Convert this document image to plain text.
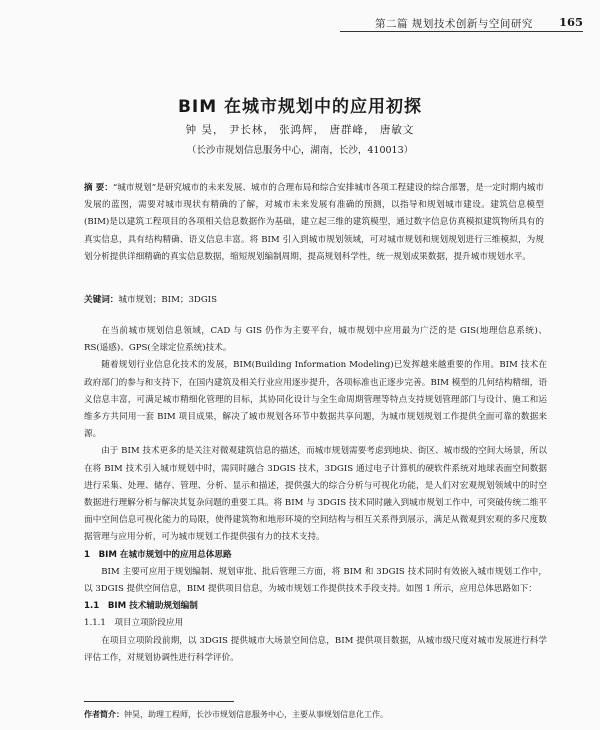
第二篇 规划技术创新与空间研究 165
BIM 在城市规划中的应用初探
钟 昊， 尹长林， 张鸿辉， 唐群峰， 唐敏文
（长沙市规划信息服务中心，湖南，长沙，410013）
摘 要：“城市规划”是研究城市的未来发展、城市的合理布局和综合安排城市各项工程建设的综合部署，是一定时期内城市发展的蓝图，需要对城市现状有精确的了解，对城市未来发展有准确的预测，以指导和规划城市建设。建筑信息模型(BIM)是以建筑工程项目的各项相关信息数据作为基础，建立起三维的建筑模型，通过数字信息仿真模拟建筑物所具有的真实信息，具有结构精确、语义信息丰富。将 BIM 引入到城市规划领域，可对城市规划和规划规划进行三维模拟，为规划分析提供详细精确的真实信息数据，缩短规划编制周期，提高规划科学性，统一规划成果数据，提升城市规划水平。
关键词：城市规划；BIM；3DGIS

在当前城市规划信息领域，CAD 与 GIS 仍作为主要平台，城市规划中应用最为广泛的是 GIS(地理信息系统)、RS(遥感)、GPS(全球定位系统)技术。

随着规划行业信息化技术的发展，BIM(Building Information Modeling)已发挥越来越重要的作用。BIM 技术在政府部门的参与和支持下，在国内建筑及相关行业应用逐步提升，各项标准也正逐步完善。BIM 模型的几何结构精细，语义信息丰富，可满足城市精细化管理的目标，其协同化设计与全生命周期管理等特点支持规划管理部门与设计、施工和运维多方共同用一套 BIM 项目成果，解决了城市规划各环节中数据共享问题，为城市规划规划工作提供全面可靠的数据来源。

由于 BIM 技术更多的是关注对微观建筑信息的描述，而城市规划需要考虑到地块、街区、城市级的空间大场景，所以在将 BIM 技术引入城市规划中时，需同时融合 3DGIS 技术，3DGIS 通过电子计算机的硬软件系统对地球表面空间数据进行采集、处理、储存、管理、分析、显示和描述，提供强大的综合分析与可视化功能，是人们对宏观规划领域中的时空数据进行理解分析与解决其复杂问题的重要工具。将 BIM 与 3DGIS 技术同时融入到城市规划工作中，可突破传统二维平面中空间信息可视化能力的局限，使得建筑物和地形环境的空间结构与相互关系得到展示，满足从微观到宏观的多尺度数据管理与应用分析，可为城市规划工作提供强有力的技术支持。

1　BIM 在城市规划中的应用总体思路

BIM 主要可应用于规划编制、规划审批、批后管理三方面，将 BIM 和 3DGIS 技术同时有效嵌入城市规划工作中，以 3DGIS 提供空间信息，BIM 提供项目信息，为城市规划工作提供技术手段支持。如图 1 所示，应用总体思路如下：

1.1　BIM 技术辅助规划编制

1.1.1　项目立项阶段应用

在项目立项阶段前期，以 3DGIS 提供城市大场景空间信息，BIM 提供项目数据，从城市级尺度对城市发展进行科学评估工作，对规划协调性进行科学评价。

作者简介：钟昊，助理工程师，长沙市规划信息服务中心，主要从事规划信息化工作。
